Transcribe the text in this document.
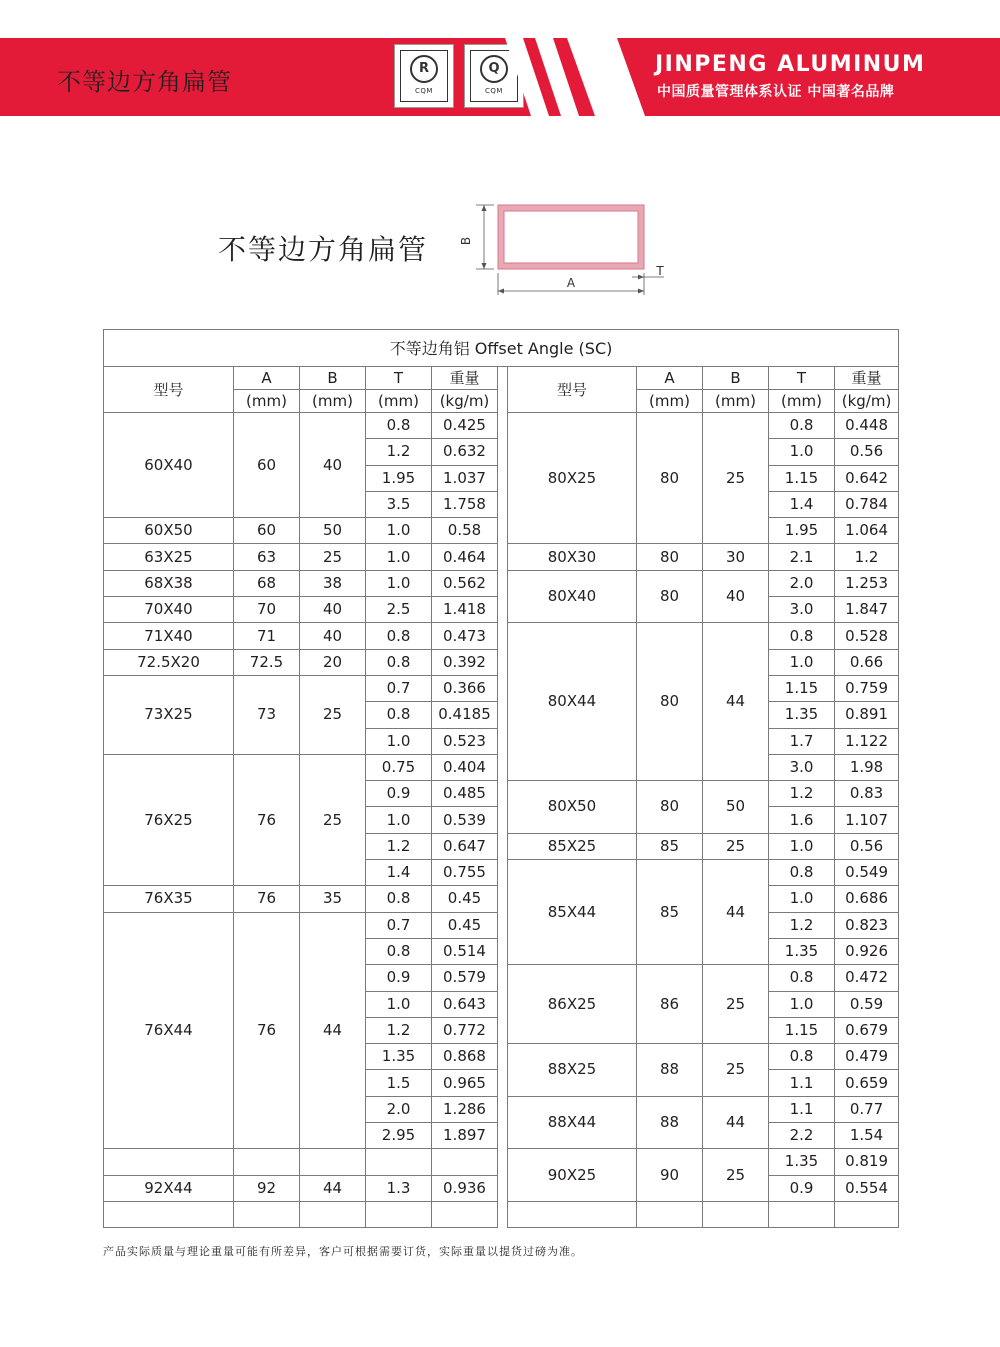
不等边方角扁管	R
CQM
Q
CQM
JINPENG ALUMINUM
中国质量管理体系认证 中国著名品牌
不等边方角扁管	B
A
T
不等边角铝 Offset Angle (SC)										
型号	A	B	T	重量		型号	A	B	T	重量
	(mm)	(mm)	(mm)	(kg/m)			(mm)	(mm)	(mm)	(kg/m)
60X40	60	40	0.8	0.425		80X25	80	25	0.8	0.448
			1.2	0.632					1.0	0.56
			1.95	1.037					1.15	0.642
			3.5	1.758					1.4	0.784
60X50	60	50	1.0	0.58					1.95	1.064
63X25	63	25	1.0	0.464		80X30	80	30	2.1	1.2
68X38	68	38	1.0	0.562		80X40	80	40	2.0	1.253
70X40	70	40	2.5	1.418					3.0	1.847
71X40	71	40	0.8	0.473		80X44	80	44	0.8	0.528
72.5X20	72.5	20	0.8	0.392					1.0	0.66
73X25	73	25	0.7	0.366					1.15	0.759
			0.8	0.4185					1.35	0.891
			1.0	0.523					1.7	1.122
76X25	76	25	0.75	0.404					3.0	1.98
			0.9	0.485		80X50	80	50	1.2	0.83
			1.0	0.539					1.6	1.107
			1.2	0.647		85X25	85	25	1.0	0.56
			1.4	0.755		85X44	85	44	0.8	0.549
76X35	76	35	0.8	0.45					1.0	0.686
76X44	76	44	0.7	0.45					1.2	0.823
			0.8	0.514					1.35	0.926
			0.9	0.579		86X25	86	25	0.8	0.472
			1.0	0.643					1.0	0.59
			1.2	0.772					1.15	0.679
			1.35	0.868		88X25	88	25	0.8	0.479
			1.5	0.965					1.1	0.659
			2.0	1.286		88X44	88	44	1.1	0.77
			2.95	1.897					2.2	1.54
						90X25	90	25	1.35	0.819
92X44	92	44	1.3	0.936					0.9	0.554

产品实际质量与理论重量可能有所差异，客户可根据需要订货，实际重量以提货过磅为准。
